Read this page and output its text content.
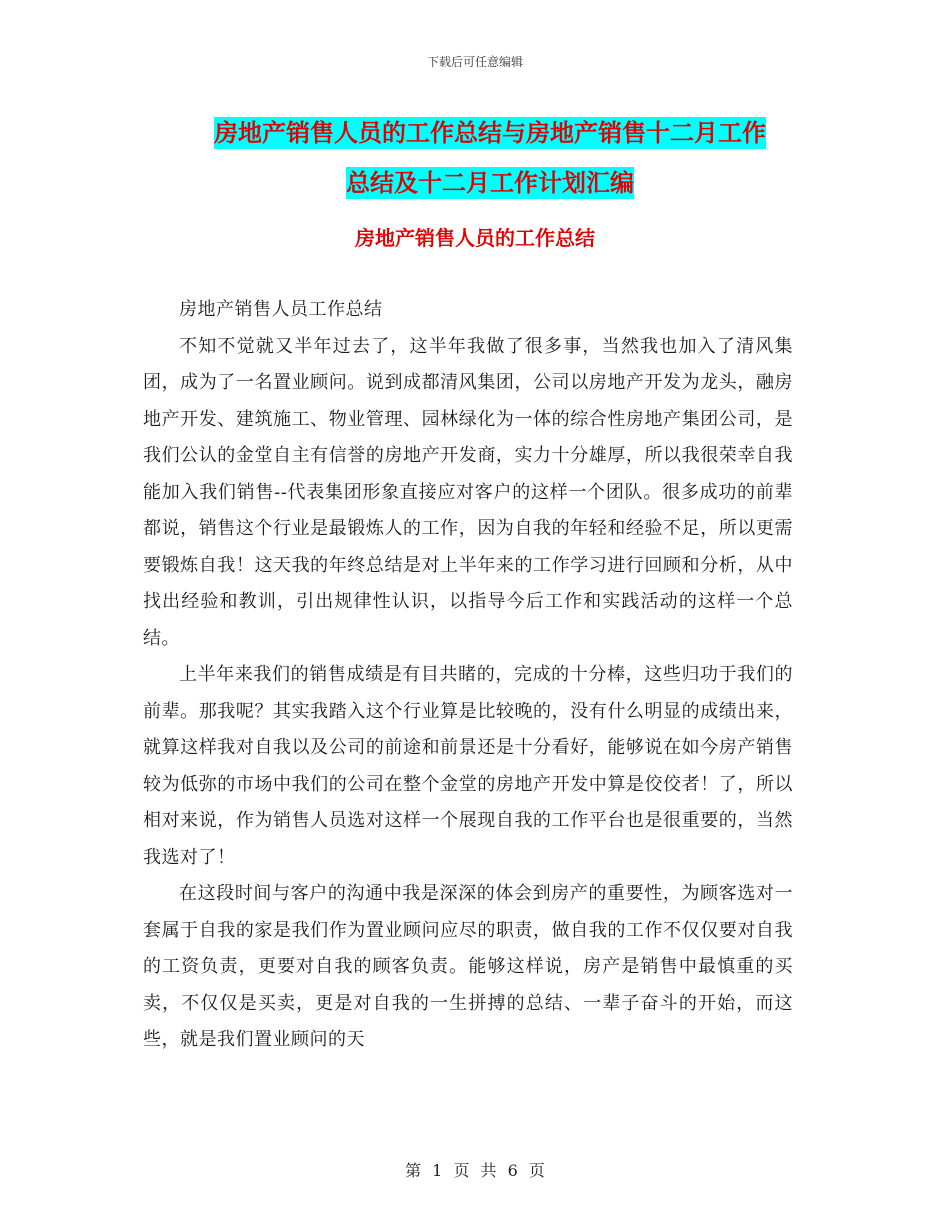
下载后可任意编辑
房地产销售人员的工作总结与房地产销售十二月工作
总结及十二月工作计划汇编
房地产销售人员的工作总结

房地产销售人员工作总结

不知不觉就又半年过去了，这半年我做了很多事，当然我也加入了清风集团，成为了一名置业顾问。说到成都清风集团，公司以房地产开发为龙头，融房地产开发、建筑施工、物业管理、园林绿化为一体的综合性房地产集团公司，是我们公认的金堂自主有信誉的房地产开发商，实力十分雄厚，所以我很荣幸自我能加入我们销售--代表集团形象直接应对客户的这样一个团队。很多成功的前辈都说，销售这个行业是最锻炼人的工作，因为自我的年轻和经验不足，所以更需要锻炼自我！这天我的年终总结是对上半年来的工作学习进行回顾和分析，从中找出经验和教训，引出规律性认识，以指导今后工作和实践活动的这样一个总结。

上半年来我们的销售成绩是有目共睹的，完成的十分棒，这些归功于我们的前辈。那我呢？其实我踏入这个行业算是比较晚的，没有什么明显的成绩出来，就算这样我对自我以及公司的前途和前景还是十分看好，能够说在如今房产销售较为低弥的市场中我们的公司在整个金堂的房地产开发中算是佼佼者！了，所以相对来说，作为销售人员选对这样一个展现自我的工作平台也是很重要的，当然我选对了！

在这段时间与客户的沟通中我是深深的体会到房产的重要性，为顾客选对一套属于自我的家是我们作为置业顾问应尽的职责，做自我的工作不仅仅要对自我的工资负责，更要对自我的顾客负责。能够这样说，房产是销售中最慎重的买卖，不仅仅是买卖，更是对自我的一生拼搏的总结、一辈子奋斗的开始，而这些，就是我们置业顾问的天

第 1 页 共 6 页
